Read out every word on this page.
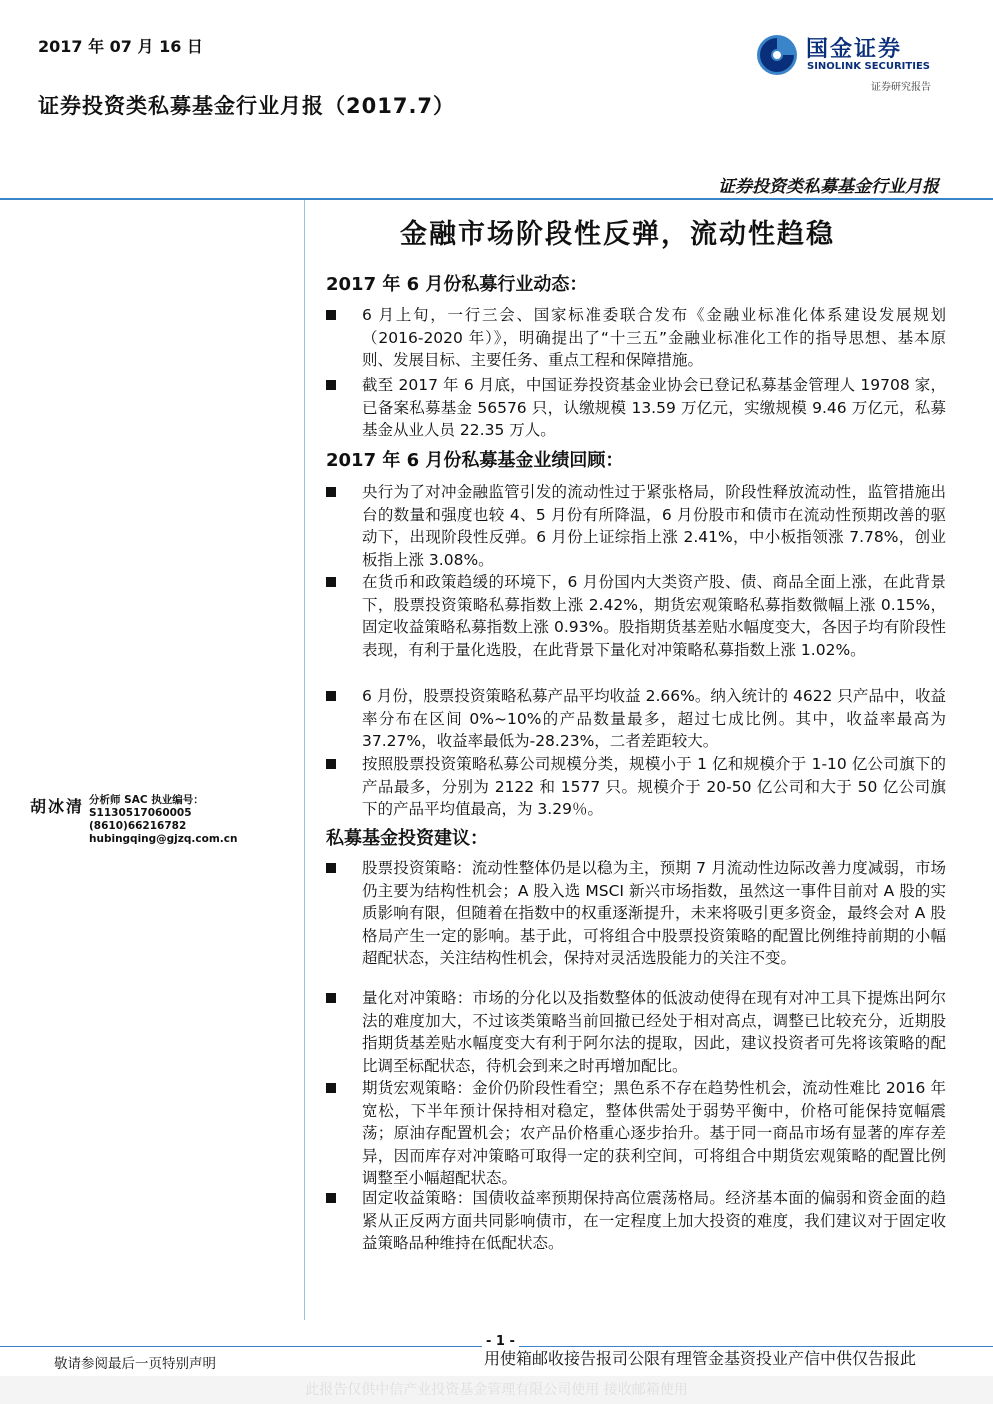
2017 年 07 月 16 日
证券投资类私募基金行业月报（2017.7）
国金证券
SINOLINK SECURITIES
证券研究报告
证券投资类私募基金行业月报
金融市场阶段性反弹，流动性趋稳
2017 年 6 月份私募行业动态：
6 月上旬，一行三会、国家标准委联合发布《金融业标准化体系建设发展规划（2016-2020 年）》，明确提出了“十三五”金融业标准化工作的指导思想、基本原则、发展目标、主要任务、重点工程和保障措施。
截至 2017 年 6 月底，中国证券投资基金业协会已登记私募基金管理人 19708 家，已备案私募基金 56576 只，认缴规模 13.59 万亿元，实缴规模 9.46 万亿元，私募基金从业人员 22.35 万人。
2017 年 6 月份私募基金业绩回顾：
央行为了对冲金融监管引发的流动性过于紧张格局，阶段性释放流动性，监管措施出台的数量和强度也较 4、5 月份有所降温，6 月份股市和债市在流动性预期改善的驱动下，出现阶段性反弹。6 月份上证综指上涨 2.41%，中小板指领涨 7.78%，创业板指上涨 3.08%。
在货币和政策趋缓的环境下，6 月份国内大类资产股、债、商品全面上涨，在此背景下，股票投资策略私募指数上涨 2.42%，期货宏观策略私募指数微幅上涨 0.15%，固定收益策略私募指数上涨 0.93%。股指期货基差贴水幅度变大，各因子均有阶段性表现，有利于量化选股，在此背景下量化对冲策略私募指数上涨 1.02%。
6 月份，股票投资策略私募产品平均收益 2.66%。纳入统计的 4622 只产品中，收益率分布在区间 0%~10%的产品数量最多，超过七成比例。其中，收益率最高为 37.27%，收益率最低为-28.23%，二者差距较大。
按照股票投资策略私募公司规模分类，规模小于 1 亿和规模介于 1-10 亿公司旗下的产品最多，分别为 2122 和 1577 只。规模介于 20-50 亿公司和大于 50 亿公司旗下的产品平均值最高，为 3.29％。
胡冰清 分析师 SAC 执业编号：S1130517060005
(8610)66216782
hubingqing@gjzq.com.cn	私募基金投资建议：
股票投资策略：流动性整体仍是以稳为主，预期 7 月流动性边际改善力度减弱，市场仍主要为结构性机会；A 股入选 MSCI 新兴市场指数，虽然这一事件目前对 A 股的实质影响有限，但随着在指数中的权重逐渐提升，未来将吸引更多资金，最终会对 A 股格局产生一定的影响。基于此，可将组合中股票投资策略的配置比例维持前期的小幅超配状态，关注结构性机会，保持对灵活选股能力的关注不变。
量化对冲策略：市场的分化以及指数整体的低波动使得在现有对冲工具下提炼出阿尔法的难度加大，不过该类策略当前回撤已经处于相对高点，调整已比较充分，近期股指期货基差贴水幅度变大有利于阿尔法的提取，因此，建议投资者可先将该策略的配比调至标配状态，待机会到来之时再增加配比。
期货宏观策略：金价仍阶段性看空；黑色系不存在趋势性机会，流动性难比 2016 年宽松，下半年预计保持相对稳定，整体供需处于弱势平衡中，价格可能保持宽幅震荡；原油存配置机会；农产品价格重心逐步抬升。基于同一商品市场有显著的库存差异，因而库存对冲策略可取得一定的获利空间，可将组合中期货宏观策略的配置比例调整至小幅超配状态。
固定收益策略：国债收益率预期保持高位震荡格局。经济基本面的偏弱和资金面的趋紧从正反两方面共同影响债市，在一定程度上加大投资的难度，我们建议对于固定收益策略品种维持在低配状态。
- 1 -
敬请参阅最后一页特别声明	用使箱邮收接告报司公限有理管金基资投业产信中供仅告报此
此报告仅供中信产业投资基金管理有限公司使用 接收邮箱使用
